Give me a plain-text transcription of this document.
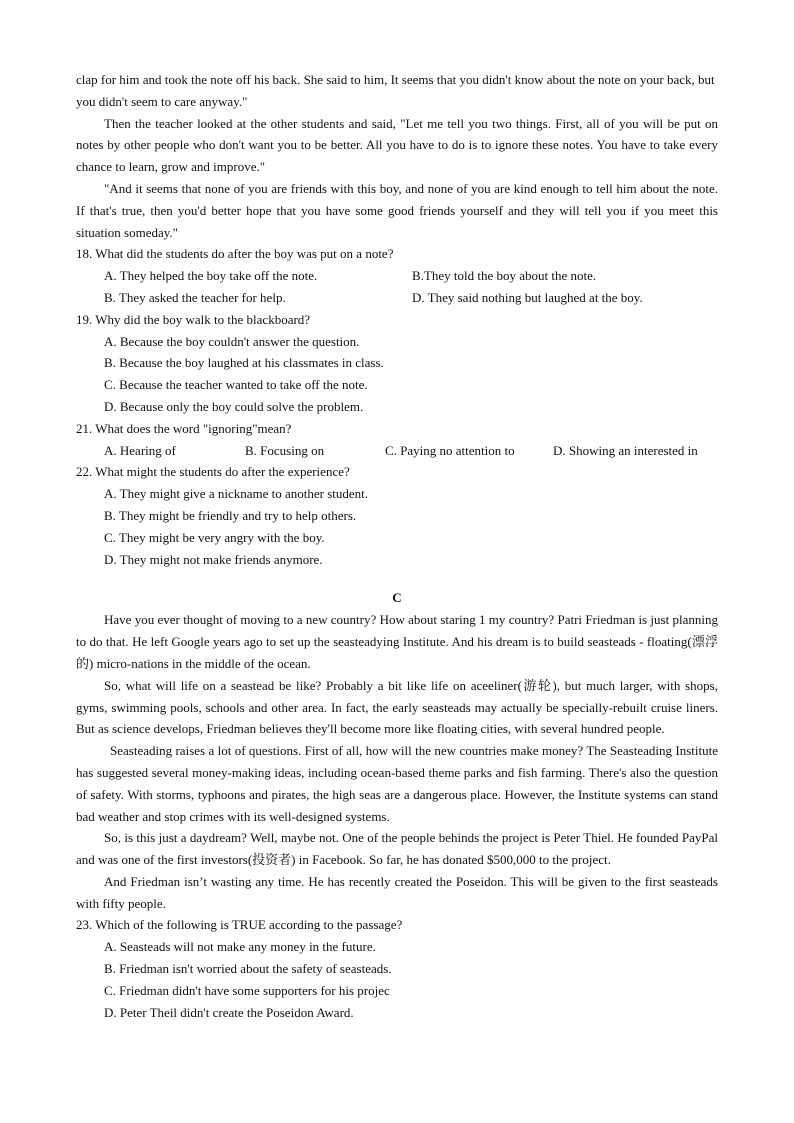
clap for him and took the note off his back. She said to him, It seems that you didn't know about the note on your back, but you didn't seem to care anyway."

Then the teacher looked at the other students and said, "Let me tell you two things. First, all of you will be put on notes by other people who don't want you to be better. All you have to do is to ignore these notes. You have to take every chance to learn, grow and improve."

"And it seems that none of you are friends with this boy, and none of you are kind enough to tell him about the note. If that's true, then you'd better hope that you have some good friends yourself and they will tell you if you meet this situation someday."

18. What did the students do after the boy was put on a note?

A. They helped the boy take off the note.	B.They told the boy about the note.
B. They asked the teacher for help.	D. They said nothing but laughed at the boy.

19. Why did the boy walk to the blackboard?

A. Because the boy couldn't answer the question.

B. Because the boy laughed at his classmates in class.

C. Because the teacher wanted to take off the note.

D. Because only the boy could solve the problem.

21. What does the word "ignoring"mean?

A. Hearing of	B. Focusing on	C. Paying no attention to	D. Showing an interested in

22. What might the students do after the experience?

A. They might give a nickname to another student.

B. They might be friendly and try to help others.

C. They might be very angry with the boy.

D. They might not make friends anymore.

C

Have you ever thought of moving to a new country? How about staring 1 my country? Patri Friedman is just planning to do that. He left Google years ago to set up the seasteadying Institute. And his dream is to build seasteads - floating(漂浮的) micro-nations in the middle of the ocean.

So, what will life on a seastead be like? Probably a bit like life on aceeliner(游轮), but much larger, with shops, gyms, swimming pools, schools and other area. In fact, the early seasteads may actually be specially-rebuilt cruise liners. But as science develops, Friedman believes they'll become more like floating cities, with several hundred people.

Seasteading raises a lot of questions. First of all, how will the new countries make money? The Seasteading Institute has suggested several money-making ideas, including ocean-based theme parks and fish farming. There's also the question of safety. With storms, typhoons and pirates, the high seas are a dangerous place. However, the Institute systems can stand bad weather and stop crimes with its well-designed systems.

So, is this just a daydream? Well, maybe not. One of the people behinds the project is Peter Thiel. He founded PayPal and was one of the first investors(投资者) in Facebook. So far, he has donated $500,000 to the project.

And Friedman isn’t wasting any time. He has recently created the Poseidon. This will be given to the first seasteads with fifty people.

23. Which of the following is TRUE according to the passage?

A. Seasteads will not make any money in the future.

B. Friedman isn't worried about the safety of seasteads.

C. Friedman didn't have some supporters for his projec

D. Peter Theil didn't create the Poseidon Award.
